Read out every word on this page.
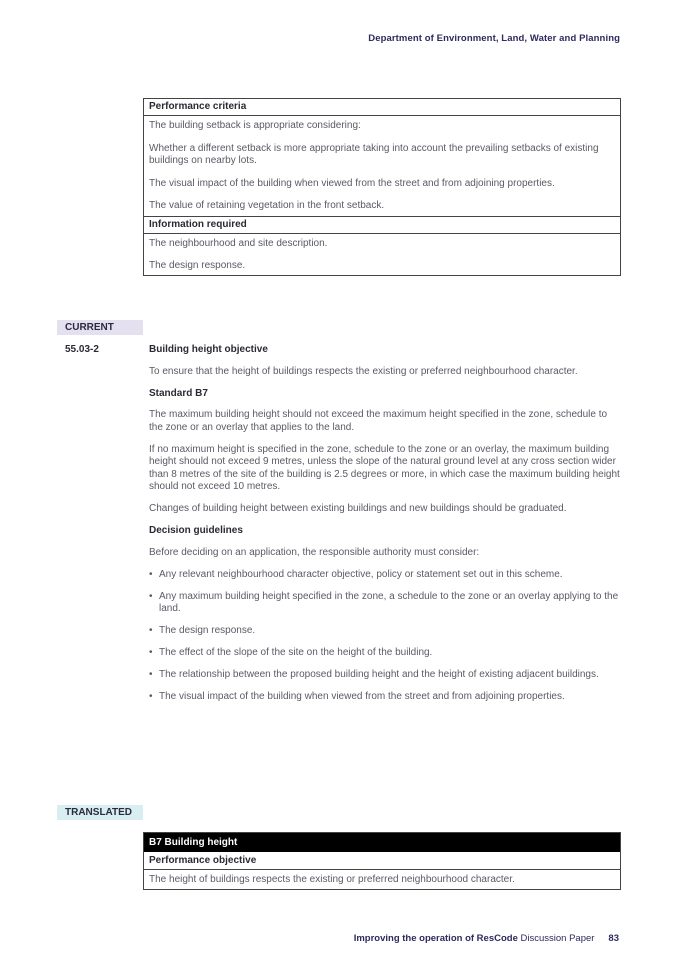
Department of Environment, Land, Water and Planning
Performance criteria

The building setback is appropriate considering:

Whether a different setback is more appropriate taking into account the prevailing setbacks of existing buildings on nearby lots.

The visual impact of the building when viewed from the street and from adjoining properties.

The value of retaining vegetation in the front setback.

Information required

The neighbourhood and site description.

The design response.

CURRENT
55.03-2	Building height objective

To ensure that the height of buildings respects the existing or preferred neighbourhood character.

Standard B7

The maximum building height should not exceed the maximum height specified in the zone, schedule to the zone or an overlay that applies to the land.

If no maximum height is specified in the zone, schedule to the zone or an overlay, the maximum building height should not exceed 9 metres, unless the slope of the natural ground level at any cross section wider than 8 metres of the site of the building is 2.5 degrees or more, in which case the maximum building height should not exceed 10 metres.

Changes of building height between existing buildings and new buildings should be graduated.

Decision guidelines

Before deciding on an application, the responsible authority must consider:

• Any relevant neighbourhood character objective, policy or statement set out in this scheme.
• Any maximum building height specified in the zone, a schedule to the zone or an overlay applying to the land.
• The design response.
• The effect of the slope of the site on the height of the building.
• The relationship between the proposed building height and the height of existing adjacent buildings.
• The visual impact of the building when viewed from the street and from adjoining properties.
TRANSLATED
B7 Building height
Performance objective
The height of buildings respects the existing or preferred neighbourhood character.
Improving the operation of ResCode Discussion Paper 83
